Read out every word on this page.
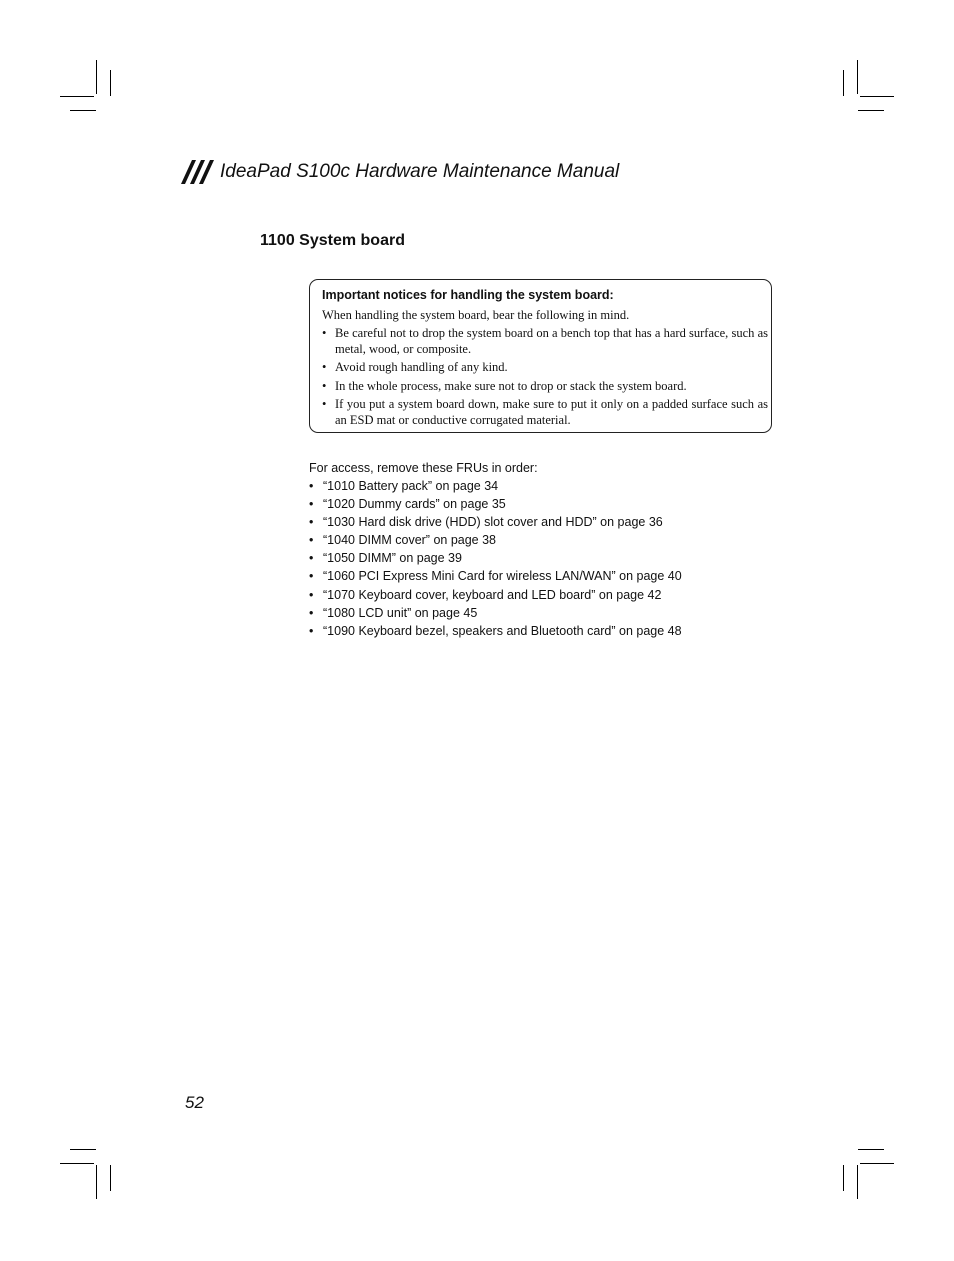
IdeaPad S100c Hardware Maintenance Manual
1100 System board

Important notices for handling the system board:

When handling the system board, bear the following in mind.

• Be careful not to drop the system board on a bench top that has a hard surface, such as metal, wood, or composite.
• Avoid rough handling of any kind.
• In the whole process, make sure not to drop or stack the system board.
• If you put a system board down, make sure to put it only on a padded surface such as an ESD mat or conductive corrugated material.

For access, remove these FRUs in order:

• “1010 Battery pack” on page 34
• “1020 Dummy cards” on page 35
• “1030 Hard disk drive (HDD) slot cover and HDD” on page 36
• “1040 DIMM cover” on page 38
• “1050 DIMM” on page 39
• “1060 PCI Express Mini Card for wireless LAN/WAN” on page 40
• “1070 Keyboard cover, keyboard and LED board” on page 42
• “1080 LCD unit” on page 45
• “1090 Keyboard bezel, speakers and Bluetooth card” on page 48
52
